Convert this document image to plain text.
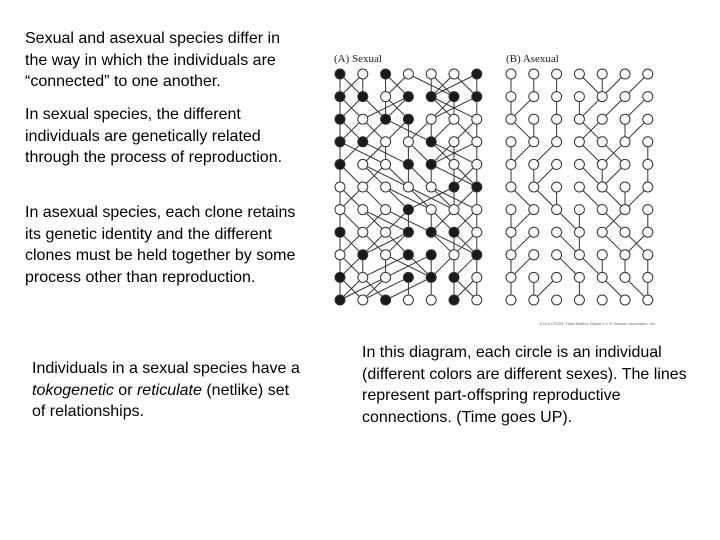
Sexual and asexual species differ in the way in which the individuals are “connected” to one another.

In sexual species, the different individuals are genetically related through the process of reproduction.

In asexual species, each clone retains its genetic identity and the different clones must be held together by some process other than reproduction.

Individuals in a sexual species have a tokogenetic or reticulate (netlike) set of relationships.

In this diagram, each circle is an individual (different colors are different sexes). The lines represent part-offspring reproductive connections. (Time goes UP).

(A) Sexual	(B) Asexual
EVOLUTION, Third Edition, Figure 1.1 © Sinauer Associates, Inc.
